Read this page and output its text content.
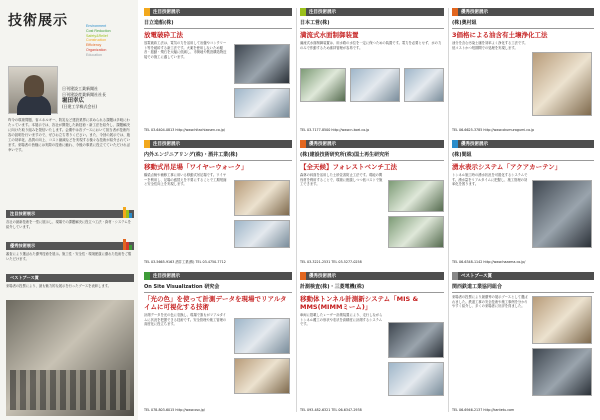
技術展示	Environment
Cost Reduction
Safety&Relief
Construction
Efficiency
Organization
Education
日刊建設工業新聞社
日刊建設産業新聞社社長
堀田幸広
(日建工学株式会社)
昨今の環境問題、省エネルギー、防災など建設業界に求められる課題は多岐にわたっています。本展示では、各社が開発した新技術・新工法を紹介し、課題解決に向けた取り組みを発信いたします。会期中は各ブースにおいて担当者が技術内容の説明を行いますので、ぜひお立ち寄りください。また、今回の展示では、施工の効率化、品質の向上、コスト縮減などを実現する様々な技術が紹介されています。来場者の皆様には実際の技術に触れ、今後の事業に役立てていただければ幸いです。
注目技術展示
各社の最新技術を一堂に展示し、現場での課題解決に役立つ工法・資材・システムを紹介しています。
優秀技術展示
審査により選ばれた優秀技術を展示。施工性・安全性・環境配慮に優れた技術をご覧いただけます。
ベストブース賞
来場者の投票により、最も魅力的な展示を行ったブースを表彰します。
注目技術展示
日立造船(株)
放電破砕工法
放電破砕工法は、電気の力を活用して岩盤やコンクリート等を破砕する新工法です。火薬を使用しないため騒音・振動・飛石を大幅に低減し、市街地や既設構造物近接での施工に適しています。
TEL 03-6404-0813 http://www.hitachizosen.co.jp/
注目技術展示
日本工営(株)
満流式水面制御装置
満流式水面制御装置は、用水路の水位を一定に保つための装置です。電力を必要とせず、水の力のみで作動するため維持管理が容易です。
TEL 03-7177-8500 http://www.n-koei.co.jp
優秀技術展示
(株)奥村組
3価格による油含有土壌浄化工法
油分を含む汚染土壌を効率よく浄化する工法です。低コストかつ短期間での処理を実現します。
TEL 06-6625-3785 http://www.okumuragumi.co.jp
注目技術展示
内外エンジニアリング(株)・酒井工業(株)
移動式吊足場「ワイヤーウォーク」
橋梁点検や補修工事に用いる移動式吊足場です。ワイヤーを利用し、足場の盛替えを不要にすることで工期短縮と安全性向上を実現します。
TEL 03-5665-9163 酒井工業(株) TEL 03-4750-7712
優秀技術展示
(株)建設技術研究所(株)国土再生研究所
【全天候】フォレストベンチ工法
森林の斜面を活用した土砂災害防止工法です。現地の間伐材を利用することで、環境に配慮しつつ低コストで施工できます。
TEL 03-3221-2531 TEL 03-5277-0258
優秀技術展示
(株)間組
湧水表示システム「アクアカーテン」
トンネル施工時の湧水状況を可視化するシステムです。湧水量をリアルタイムに把握し、施工管理の効率化を図ります。
TEL 06-6348-1142 http://www.hazama.co.jp/
注目技術展示
On Site Visualization 研究会
「光の色」を使って計測データを現場でリアルタイムに可視化する技術
計測データを光の色に変換し、現場で誰もがリアルタイムに状況を把握できる技術です。安全管理や施工管理の高度化に役立ちます。
TEL 078-803-6015 http://www.osv.jp/
優秀技術展示
計測検査(株)・三菱電機(株)
移動体トンネル計測新システム「MIS & MMS(MIMMミーム)」
車両に搭載したレーザー計測装置により、走行しながらトンネル覆工の形状や変状を高精度に計測するシステムです。
TEL 093-482-6321 TEL 06-6347-2938
ベストブース賞
関西鉄道工業協同組合
来場者の投票により最優秀の展示ブースとして選ばれました。鉄道工事の安全技術や施工事例を分かりやすく紹介し、多くの来場者に好評を得ました。
TEL 06-6946-2137 http://kantetu.com
